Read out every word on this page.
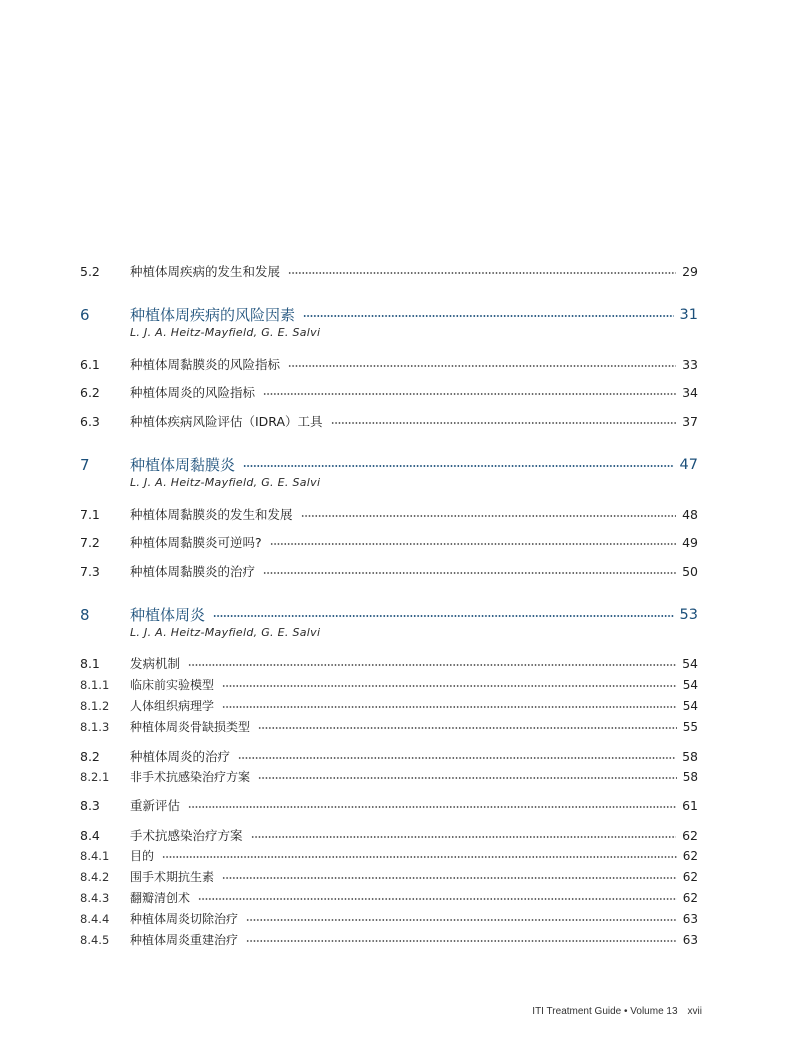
5.2	种植体周疾病的发生和发展	29
6	种植体周疾病的风险因素	31
L. J. A. Heitz-Mayfield, G. E. Salvi
6.1	种植体周黏膜炎的风险指标	33
6.2	种植体周炎的风险指标	34
6.3	种植体疾病风险评估（IDRA）工具	37
7	种植体周黏膜炎	47
L. J. A. Heitz-Mayfield, G. E. Salvi
7.1	种植体周黏膜炎的发生和发展	48
7.2	种植体周黏膜炎可逆吗?	49
7.3	种植体周黏膜炎的治疗	50
8	种植体周炎	53
L. J. A. Heitz-Mayfield, G. E. Salvi
8.1	发病机制	54
8.1.1	临床前实验模型	54
8.1.2	人体组织病理学	54
8.1.3	种植体周炎骨缺损类型	55
8.2	种植体周炎的治疗	58
8.2.1	非手术抗感染治疗方案	58
8.3	重新评估	61
8.4	手术抗感染治疗方案	62
8.4.1	目的	62
8.4.2	围手术期抗生素	62
8.4.3	翻瓣清创术	62
8.4.4	种植体周炎切除治疗	63
8.4.5	种植体周炎重建治疗	63
ITI Treatment Guide • Volume 13 xvii
